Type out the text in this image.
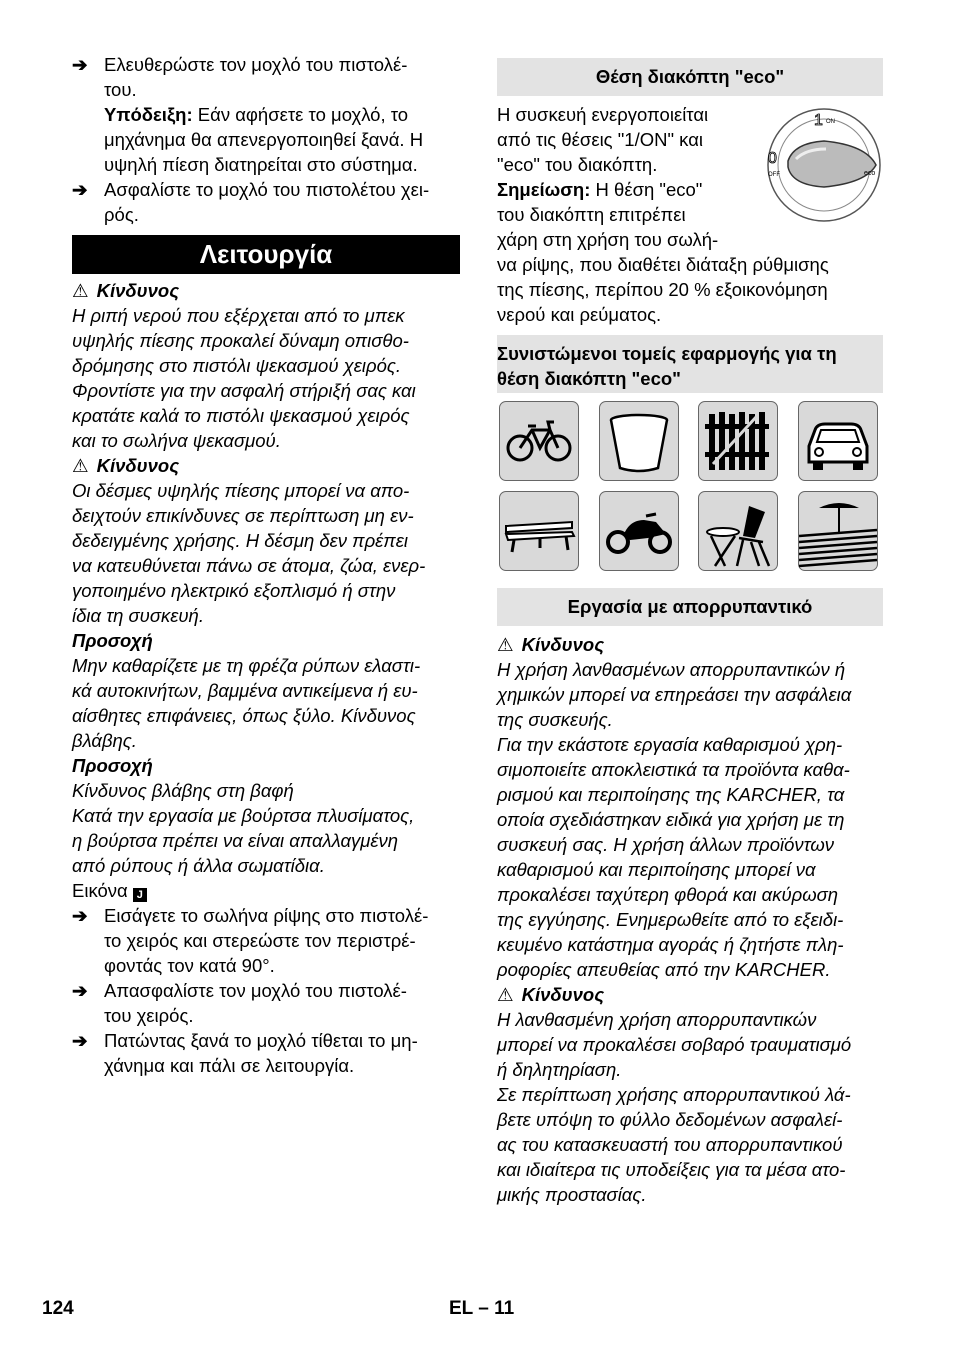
➔ Ελευθερώστε τον μοχλό του πιστολέ-
του.

Υπόδειξη: Εάν αφήσετε το μοχλό, το
μηχάνημα θα απενεργοποιηθεί ξανά. Η
υψηλή πίεση διατηρείται στο σύστημα.

➔ Ασφαλίστε το μοχλό του πιστολέτου χει-
ρός.

Λειτουργία

⚠ Κίνδυνος

Η ριπή νερού που εξέρχεται από το μπεκ

υψηλής πίεσης προκαλεί δύναμη οπισθο-

δρόμησης στο πιστόλι ψεκασμού χειρός.

Φροντίστε για την ασφαλή στήριξή σας και

κρατάτε καλά το πιστόλι ψεκασμού χειρός

και το σωλήνα ψεκασμού.

⚠ Κίνδυνος

Οι δέσμες υψηλής πίεσης μπορεί να απο-

δειχτούν επικίνδυνες σε περίπτωση μη εν-

δεδειγμένης χρήσης. Η δέσμη δεν πρέπει

να κατευθύνεται πάνω σε άτομα, ζώα, ενερ-

γοποιημένο ηλεκτρικό εξοπλισμό ή στην

ίδια τη συσκευή.

Προσοχή

Μην καθαρίζετε με τη φρέζα ρύπων ελαστι-

κά αυτοκινήτων, βαμμένα αντικείμενα ή ευ-

αίσθητες επιφάνειες, όπως ξύλο. Κίνδυνος

βλάβης.

Προσοχή

Κίνδυνος βλάβης στη βαφή

Κατά την εργασία με βούρτσα πλυσίματος,

η βούρτσα πρέπει να είναι απαλλαγμένη

από ρύπους ή άλλα σωματίδια.

Εικόνα J

➔ Εισάγετε το σωλήνα ρίψης στο πιστολέ-
το χειρός και στερεώστε τον περιστρέ-
φοντάς τον κατά 90°.

➔ Απασφαλίστε τον μοχλό του πιστολέ-
του χειρός.

➔ Πατώντας ξανά το μοχλό τίθεται το μη-
χάνημα και πάλι σε λειτουργία.

Θέση διακόπτη "eco"

Η συσκευή ενεργοποιείται

από τις θέσεις "1/ON" και

"eco" του διακόπτη.

Σημείωση: Η θέση "eco"

του διακόπτη επιτρέπει

χάρη στη χρήση του σωλή-

να ρίψης, που διαθέτει διάταξη ρύθμισης

της πίεσης, περίπου 20 % εξοικονόμηση

νερού και ρεύματος.

Συνιστώμενοι τομείς εφαρμογής για τη

θέση διακόπτη "eco"

1 ON
0
OFF	eco
Εργασία με απορρυπαντικό

⚠ Κίνδυνος

Η χρήση λανθασμένων απορρυπαντικών ή

χημικών μπορεί να επηρεάσει την ασφάλεια

της συσκευής.

Για την εκάστοτε εργασία καθαρισμού χρη-

σιμοποιείτε αποκλειστικά τα προϊόντα καθα-

ρισμού και περιποίησης της KARCHER, τα

οποία σχεδιάστηκαν ειδικά για χρήση με τη

συσκευή σας. Η χρήση άλλων προϊόντων

καθαρισμού και περιποίησης μπορεί να

προκαλέσει ταχύτερη φθορά και ακύρωση

της εγγύησης. Ενημερωθείτε από το εξειδι-

κευμένο κατάστημα αγοράς ή ζητήστε πλη-

ροφορίες απευθείας από την KARCHER.

⚠ Κίνδυνος

Η λανθασμένη χρήση απορρυπαντικών

μπορεί να προκαλέσει σοβαρό τραυματισμό

ή δηλητηρίαση.

Σε περίπτωση χρήσης απορρυπαντικού λά-

βετε υπόψη το φύλλο δεδομένων ασφαλεί-

ας του κατασκευαστή του απορρυπαντικού

και ιδιαίτερα τις υποδείξεις για τα μέσα ατο-

μικής προστασίας.

124	EL – 11
